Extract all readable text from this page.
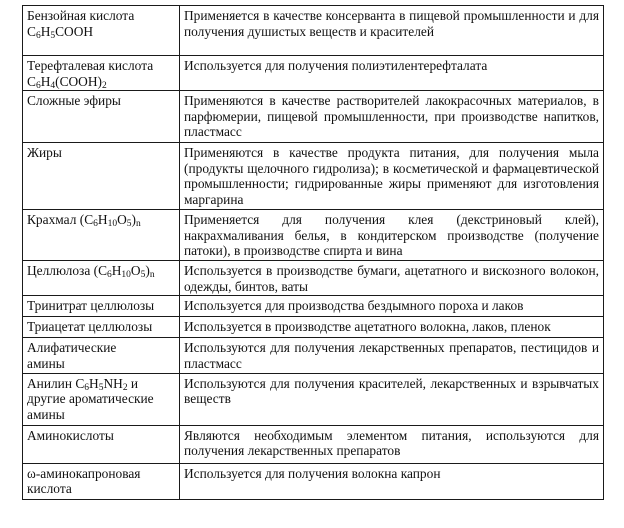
Бензойная кислота
$C_6H_5COOH$	Применяется в качестве консерванта в пищевой промышленности и для получения душистых веществ и красителей

Терефталевая кислота
$C_6H_4(COOH)_2$	Используется для получения полиэтилентерефталата
Сложные эфиры	Применяются в качестве растворителей лакокрасочных материалов, в парфюмерии, пищевой промышленности, при производстве напитков, пластмасс
Жиры	Применяются в качестве продукта питания, для получения мыла (продукты щелочного гидролиза); в косметической и фармацевтической промышленности; гидрированные жиры применяют для изготовления маргарина
Крахмал $(C_6H_{10}O_5)_n$	Применяется для получения клея (декстриновый клей), накрахмаливания белья, в кондитерском производстве (получение патоки), в производстве спирта и вина
Целлюлоза $(C_6H_{10}O_5)_n$	Используется в производстве бумаги, ацетатного и вискозного волокон, одежды, бинтов, ваты
Тринитрат целлюлозы	Используется для производства бездымного пороха и лаков
Триацетат целлюлозы	Используется в производстве ацетатного волокна, лаков, пленок

Алифатические
амины	Используются для получения лекарственных препаратов, пестицидов и пластмасс

Анилин $C_6H_5NH_2$ и
другие ароматические
амины	Используются для получения красителей, лекарственных и взрывчатых веществ
Аминокислоты	Являются необходимым элементом питания, используются для получения лекарственных препаратов

ω-аминокапроновая
кислота	Используется для получения волокна капрон
